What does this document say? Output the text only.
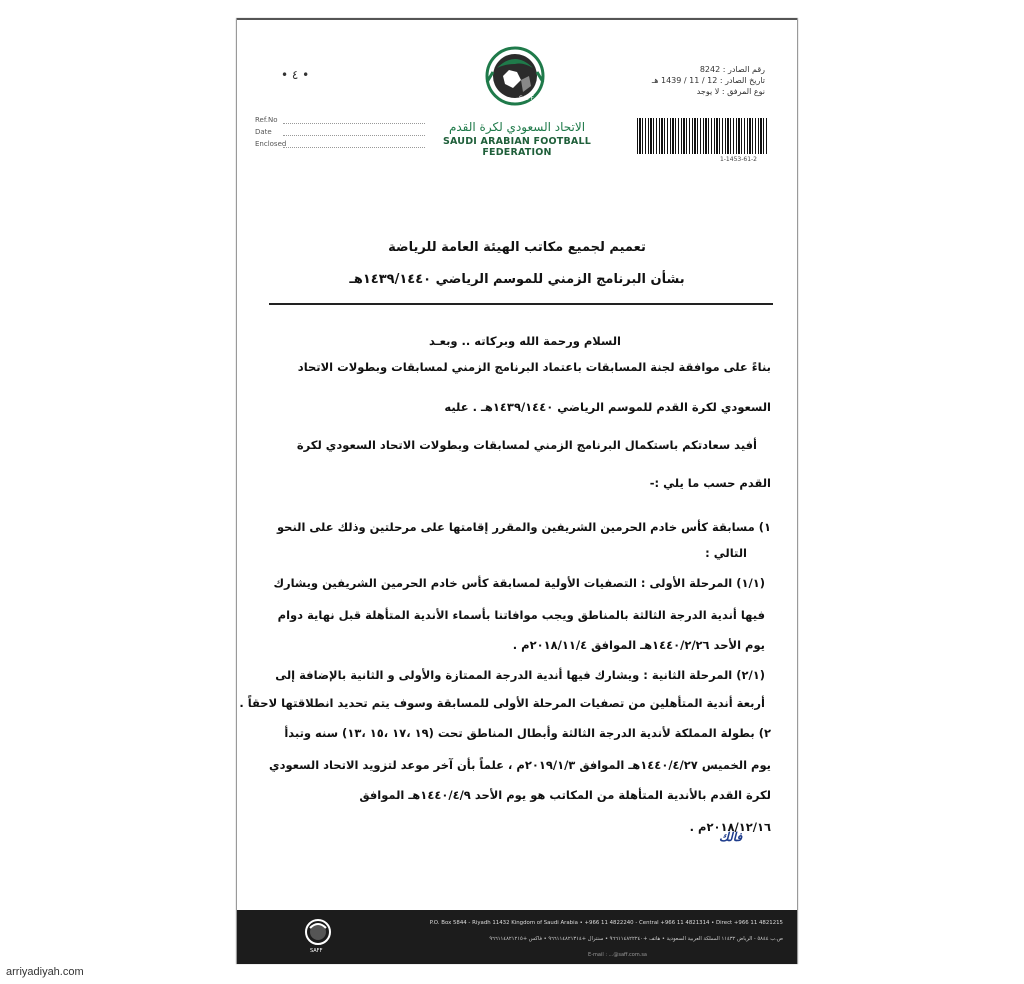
• ٤ •
Ref.No
Date
Enclosed
SAFF
الاتحاد السعودي لكرة القدم
SAUDI ARABIAN FOOTBALL FEDERATION
رقم الصادر : 8242
تاريخ الصادر : 12 / 11 / 1439 هـ
نوع المرفق : لا يوجد
1-1453-61-2
تعميم لجميع مكاتب الهيئة العامة للرياضة
بشأن البرنامج الزمني للموسم الرياضي ١٤٣٩/١٤٤٠هـ
السلام ورحمة الله وبركاته .. وبعـد
بناءً على موافقة لجنة المسابقات باعتماد البرنامج الزمني لمسابقات وبطولات الاتحاد
السعودي لكرة القدم للموسم الرياضي ١٤٣٩/١٤٤٠هـ . عليه
أفيد سعادتكم باستكمال البرنامج الزمني لمسابقات وبطولات الاتحاد السعودي لكرة
القدم حسب ما يلي :-
١) مسابقة كأس خادم الحرمين الشريفين والمقرر إقامتها على مرحلتين وذلك على النحو
التالي :
(١/١) المرحلة الأولى : التصفيات الأولية لمسابقة كأس خادم الحرمين الشريفين ويشارك
فيها أندية الدرجة الثالثة بالمناطق ويجب موافاتنا بأسماء الأندية المتأهلة قبل نهاية دوام
يوم الأحد ١٤٤٠/٢/٢٦هـ الموافق ٢٠١٨/١١/٤م .
(٢/١) المرحلة الثانية : ويشارك فيها أندية الدرجة الممتازة والأولى و الثانية بالإضافة إلى
أربعة أندية المتأهلين من تصفيات المرحلة الأولى للمسابقة وسوف يتم تحديد انطلاقتها لاحقاً .
٢) بطولة المملكة لأندية الدرجة الثالثة وأبطال المناطق تحت (١٩ ،١٧ ،١٥ ،١٣) سنه وتبدأ
يوم الخميس ١٤٤٠/٤/٢٧هـ الموافق ٢٠١٩/١/٣م ، علماً بأن آخر موعد لتزويد الاتحاد السعودي
لكرة القدم بالأندية المتأهلة من المكاتب هو يوم الأحد ١٤٤٠/٤/٩هـ الموافق
٢٠١٨/١٢/١٦م .
فالك
SAFF
P.O. Box 5844 - Riyadh 11432 Kingdom of Saudi Arabia • +966 11 4822240 - Central +966 11 4821314 • Direct +966 11 4821215
ص.ب ٥٨٤٤ - الرياض ١١٤٣٢ المملكة العربية السعودية • هاتف +٩٦٦١١٤٨٢٢٢٤٠ • سنترال +٩٦٦١١٤٨٢١٣١٤ • فاكس +٩٦٦١١٤٨٢١٢١٥
E-mail : ...@saff.com.sa
arriyadiyah.com
